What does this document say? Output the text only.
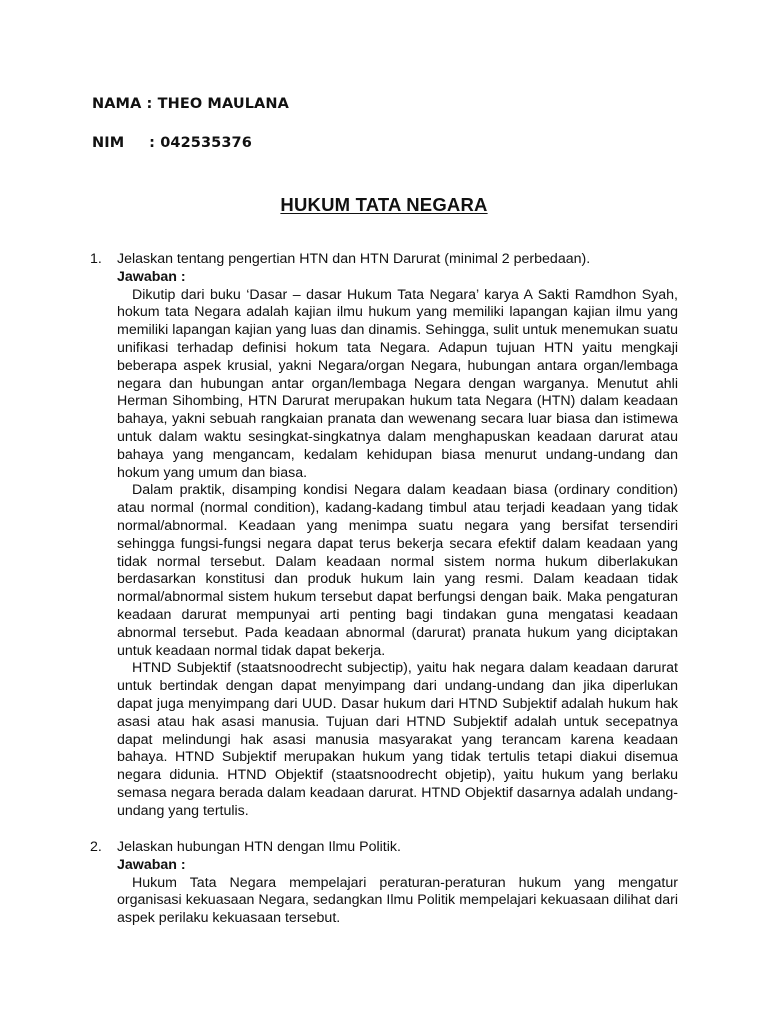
NAMA : THEO MAULANA
NIM : 042535376
HUKUM TATA NEGARA
1. Jelaskan tentang pengertian HTN dan HTN Darurat (minimal 2 perbedaan).

Jawaban :

Dikutip dari buku ‘Dasar – dasar Hukum Tata Negara’ karya A Sakti Ramdhon Syah, hokum tata Negara adalah kajian ilmu hukum yang memiliki lapangan kajian ilmu yang memiliki lapangan kajian yang luas dan dinamis. Sehingga, sulit untuk menemukan suatu unifikasi terhadap definisi hokum tata Negara. Adapun tujuan HTN yaitu mengkaji beberapa aspek krusial, yakni Negara/organ Negara, hubungan antara organ/lembaga negara dan hubungan antar organ/lembaga Negara dengan warganya. Menutut ahli Herman Sihombing, HTN Darurat merupakan hukum tata Negara (HTN) dalam keadaan bahaya, yakni sebuah rangkaian pranata dan wewenang secara luar biasa dan istimewa untuk dalam waktu sesingkat-singkatnya dalam menghapuskan keadaan darurat atau bahaya yang mengancam, kedalam kehidupan biasa menurut undang-undang dan hokum yang umum dan biasa.

Dalam praktik, disamping kondisi Negara dalam keadaan biasa (ordinary condition) atau normal (normal condition), kadang-kadang timbul atau terjadi keadaan yang tidak normal/abnormal. Keadaan yang menimpa suatu negara yang bersifat tersendiri sehingga fungsi-fungsi negara dapat terus bekerja secara efektif dalam keadaan yang tidak normal tersebut. Dalam keadaan normal sistem norma hukum diberlakukan berdasarkan konstitusi dan produk hukum lain yang resmi. Dalam keadaan tidak normal/abnormal sistem hukum tersebut dapat berfungsi dengan baik. Maka pengaturan keadaan darurat mempunyai arti penting bagi tindakan guna mengatasi keadaan abnormal tersebut. Pada keadaan abnormal (darurat) pranata hukum yang diciptakan untuk keadaan normal tidak dapat bekerja.

HTND Subjektif (staatsnoodrecht subjectip), yaitu hak negara dalam keadaan darurat untuk bertindak dengan dapat menyimpang dari undang-undang dan jika diperlukan dapat juga menyimpang dari UUD. Dasar hukum dari HTND Subjektif adalah hukum hak asasi atau hak asasi manusia. Tujuan dari HTND Subjektif adalah untuk secepatnya dapat melindungi hak asasi manusia masyarakat yang terancam karena keadaan bahaya. HTND Subjektif merupakan hukum yang tidak tertulis tetapi diakui disemua negara didunia. HTND Objektif (staatsnoodrecht objetip), yaitu hukum yang berlaku semasa negara berada dalam keadaan darurat. HTND Objektif dasarnya adalah undang-undang yang tertulis.

2. Jelaskan hubungan HTN dengan Ilmu Politik.

Jawaban :

Hukum Tata Negara mempelajari peraturan-peraturan hukum yang mengatur organisasi kekuasaan Negara, sedangkan Ilmu Politik mempelajari kekuasaan dilihat dari aspek perilaku kekuasaan tersebut.
